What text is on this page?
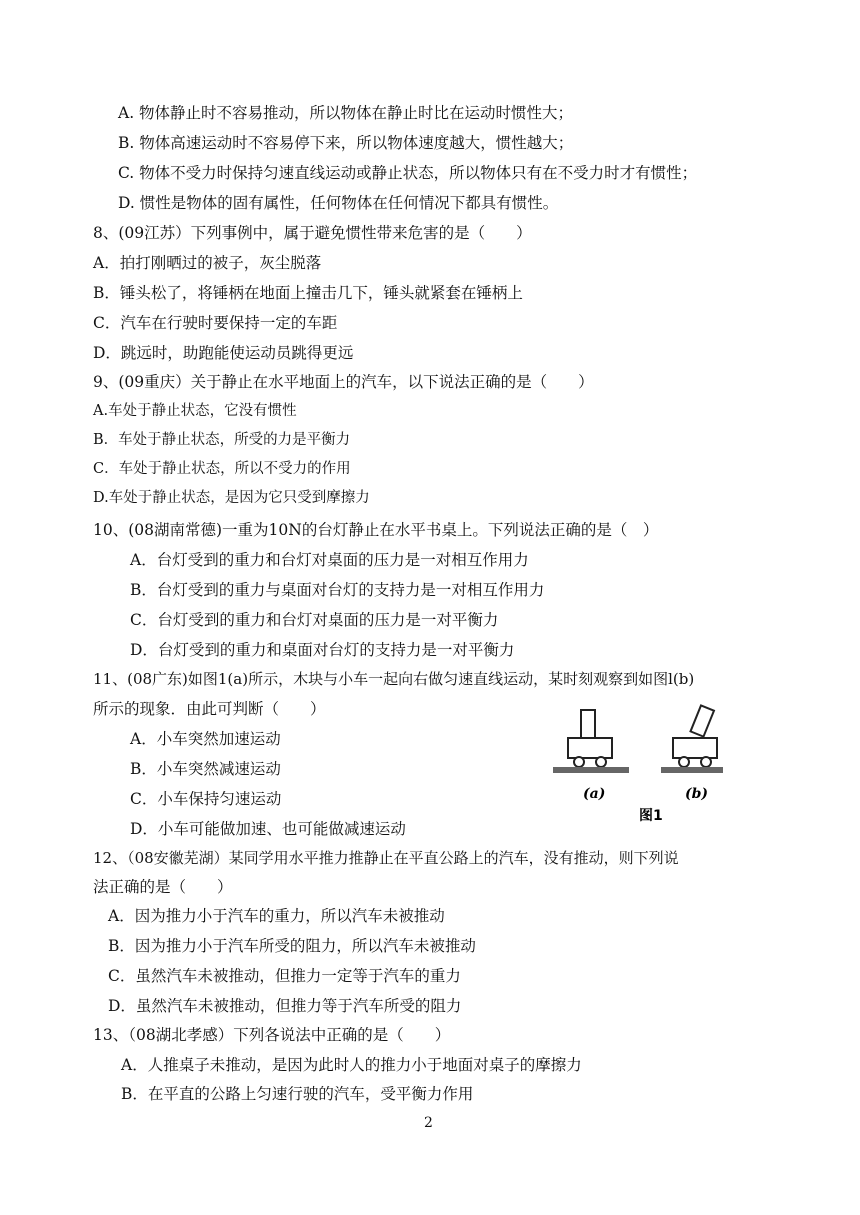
A. 物体静止时不容易推动，所以物体在静止时比在运动时惯性大；
B. 物体高速运动时不容易停下来，所以物体速度越大，惯性越大；
C. 物体不受力时保持匀速直线运动或静止状态，所以物体只有在不受力时才有惯性；
D. 惯性是物体的固有属性，任何物体在任何情况下都具有惯性。
8、(09江苏）下列事例中，属于避免惯性带来危害的是（　　）
A．拍打刚晒过的被子，灰尘脱落
B．锤头松了，将锤柄在地面上撞击几下，锤头就紧套在锤柄上
C．汽车在行驶时要保持一定的车距
D．跳远时，助跑能使运动员跳得更远
9、(09重庆）关于静止在水平地面上的汽车，以下说法正确的是（　　）
A.车处于静止状态，它没有惯性
B．车处于静止状态，所受的力是平衡力
C．车处于静止状态，所以不受力的作用
D.车处于静止状态，是因为它只受到摩擦力
10、(08湖南常德)一重为10N的台灯静止在水平书桌上。下列说法正确的是（　）
A．台灯受到的重力和台灯对桌面的压力是一对相互作用力
B．台灯受到的重力与桌面对台灯的支持力是一对相互作用力
C．台灯受到的重力和台灯对桌面的压力是一对平衡力
D．台灯受到的重力和桌面对台灯的支持力是一对平衡力
11、(08广东)如图1(a)所示，木块与小车一起向右做匀速直线运动，某时刻观察到如图l(b)
所示的现象．由此可判断（　　）
A．小车突然加速运动
B．小车突然减速运动
C．小车保持匀速运动
D．小车可能做加速、也可能做减速运动
(a)	(b)
图1
12、（08安徽芜湖）某同学用水平推力推静止在平直公路上的汽车，没有推动，则下列说
法正确的是（　　）
A．因为推力小于汽车的重力，所以汽车未被推动
B．因为推力小于汽车所受的阻力，所以汽车未被推动
C．虽然汽车未被推动，但推力一定等于汽车的重力
D．虽然汽车未被推动，但推力等于汽车所受的阻力
13、（08湖北孝感）下列各说法中正确的是（　　）
A．人推桌子未推动，是因为此时人的推力小于地面对桌子的摩擦力
B．在平直的公路上匀速行驶的汽车，受平衡力作用
2
